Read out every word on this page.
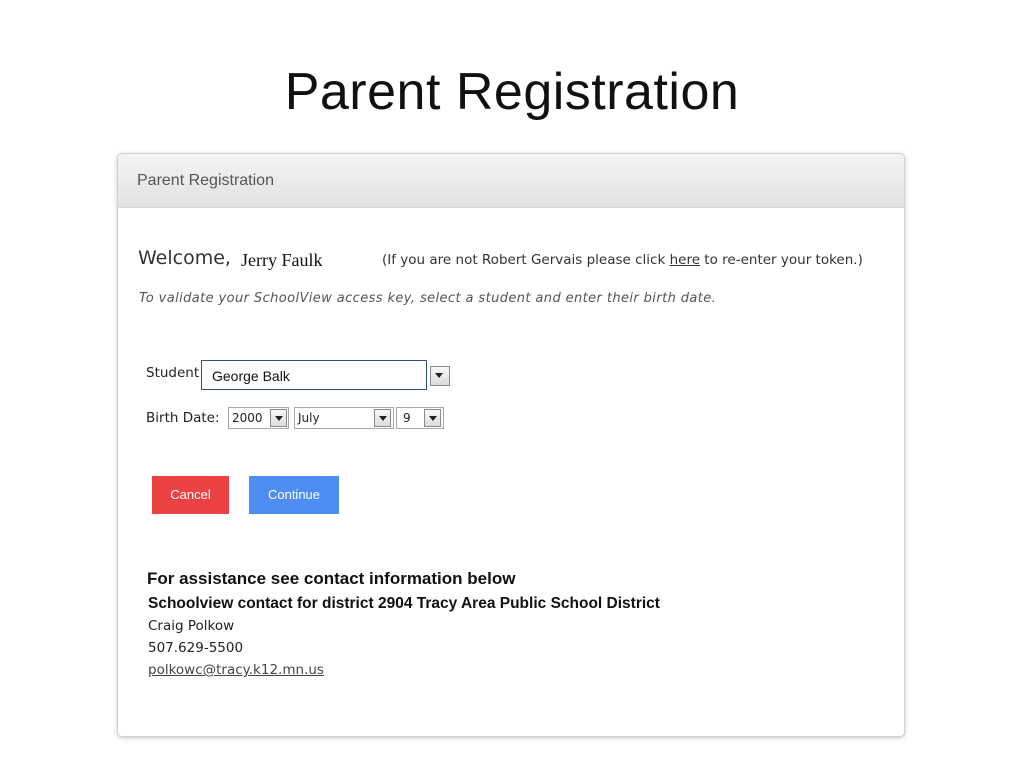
Parent Registration
Parent Registration
Welcome, Jerry Faulk	(If you are not Robert Gervais please click here to re-enter your token.)
To validate your SchoolView access key, select a student and enter their birth date.
Student George Balk
Birth Date: 2000	July	9
Cancel	Continue
For assistance see contact information below
Schoolview contact for district 2904 Tracy Area Public School District
Craig Polkow
507.629-5500
polkowc@tracy.k12.mn.us
